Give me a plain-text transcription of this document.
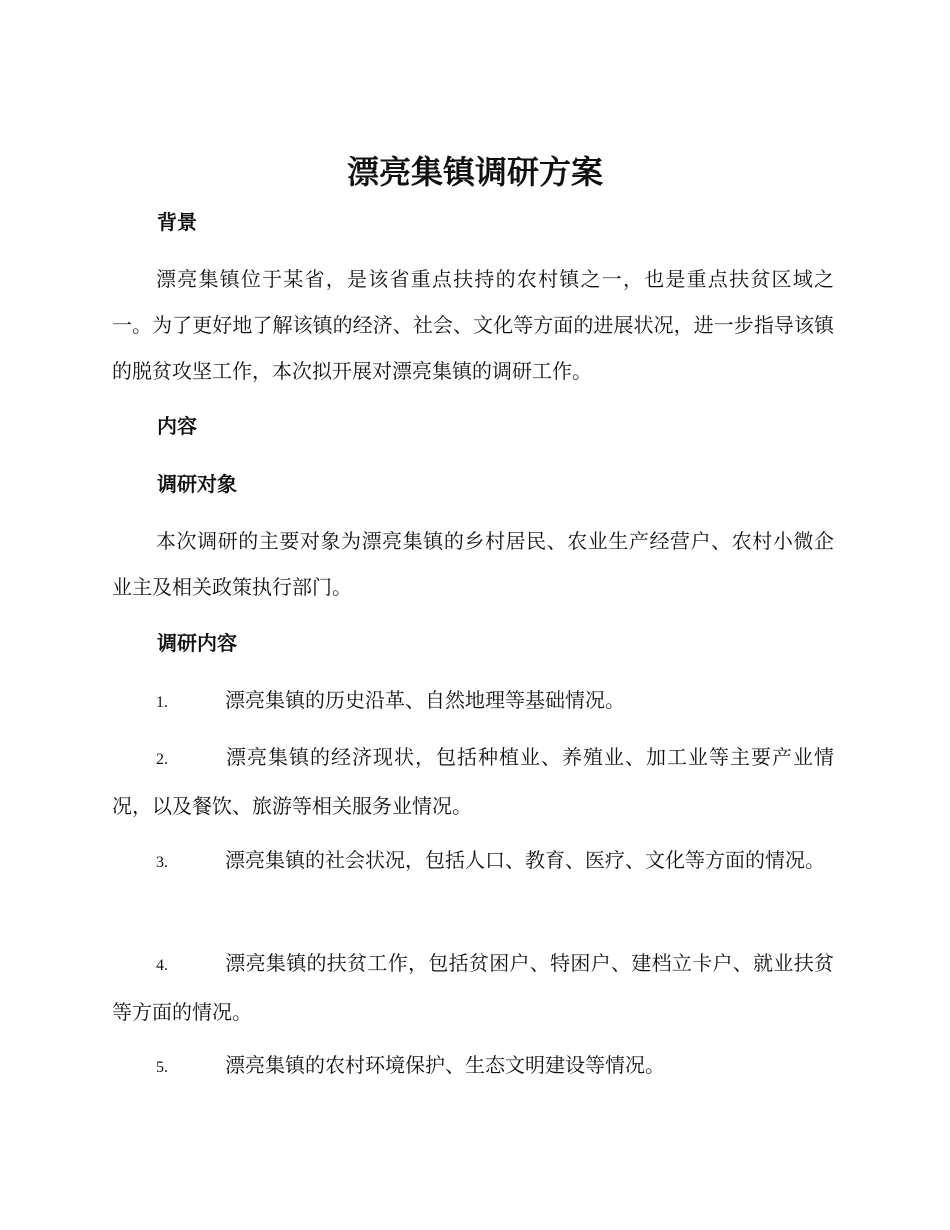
漂亮集镇调研方案
背景
漂亮集镇位于某省，是该省重点扶持的农村镇之一，也是重点扶贫区域之一。为了更好地了解该镇的经济、社会、文化等方面的进展状况，进一步指导该镇的脱贫攻坚工作，本次拟开展对漂亮集镇的调研工作。
内容
调研对象
本次调研的主要对象为漂亮集镇的乡村居民、农业生产经营户、农村小微企业主及相关政策执行部门。
调研内容
1.	漂亮集镇的历史沿革、自然地理等基础情况。
2.	漂亮集镇的经济现状，包括种植业、养殖业、加工业等主要产业情况，以及餐饮、旅游等相关服务业情况。
3.	漂亮集镇的社会状况，包括人口、教育、医疗、文化等方面的情况。
4.	漂亮集镇的扶贫工作，包括贫困户、特困户、建档立卡户、就业扶贫等方面的情况。
5.	漂亮集镇的农村环境保护、生态文明建设等情况。
